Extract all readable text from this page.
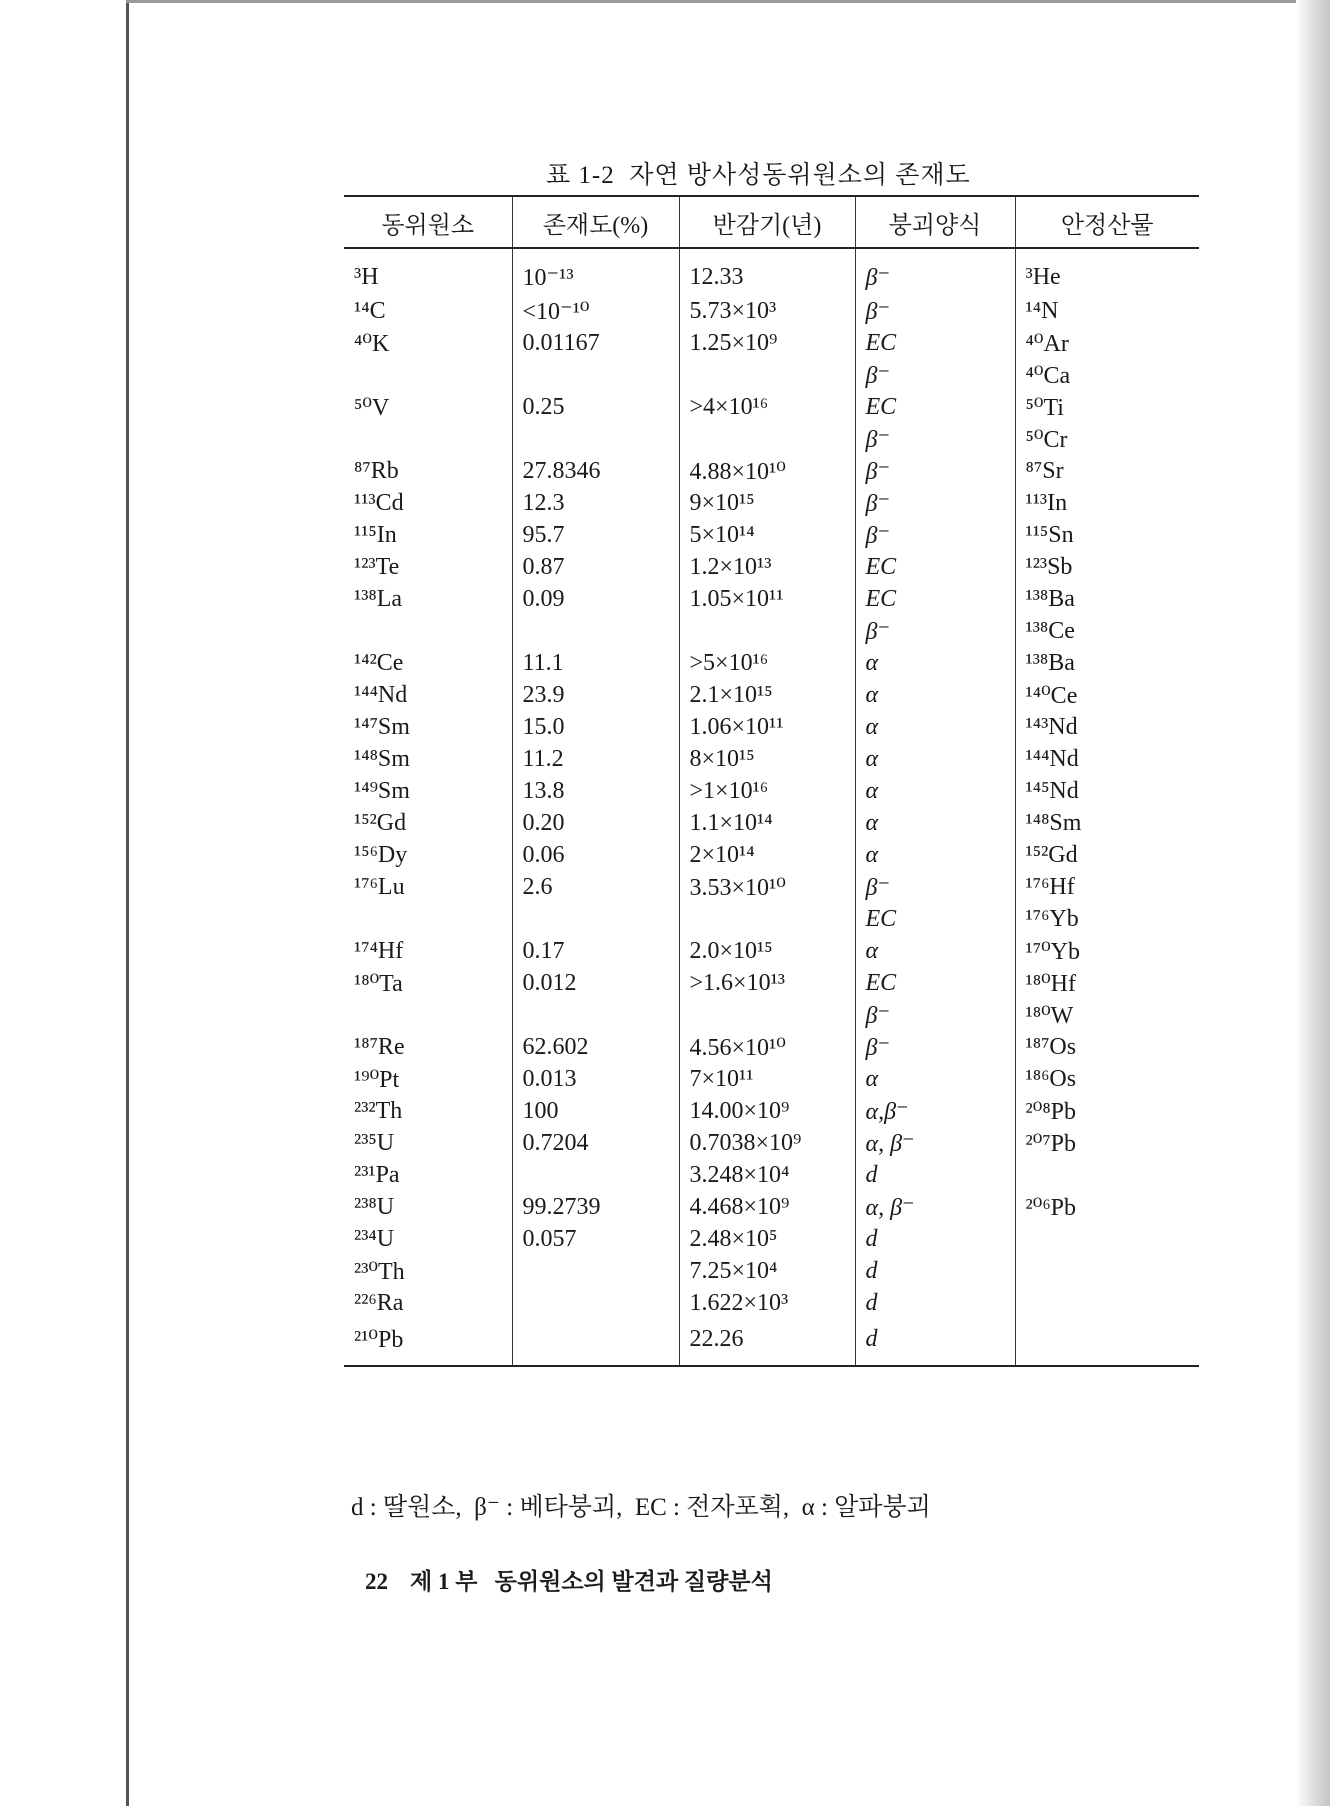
표 1-2  자연 방사성동위원소의 존재도
동위원소	존재도(%)	반감기(년)	붕괴양식	안정산물
³H	10⁻¹³	12.33	β⁻	³He
¹⁴C	<10⁻¹⁰	5.73×10³	β⁻	¹⁴N
⁴⁰K	0.01167	1.25×10⁹	EC	⁴⁰Ar
			β⁻	⁴⁰Ca
⁵⁰V	0.25	>4×10¹⁶	EC	⁵⁰Ti
			β⁻	⁵⁰Cr
⁸⁷Rb	27.8346	4.88×10¹⁰	β⁻	⁸⁷Sr
¹¹³Cd	12.3	9×10¹⁵	β⁻	¹¹³In
¹¹⁵In	95.7	5×10¹⁴	β⁻	¹¹⁵Sn
¹²³Te	0.87	1.2×10¹³	EC	¹²³Sb
¹³⁸La	0.09	1.05×10¹¹	EC	¹³⁸Ba
			β⁻	¹³⁸Ce
¹⁴²Ce	11.1	>5×10¹⁶	α	¹³⁸Ba
¹⁴⁴Nd	23.9	2.1×10¹⁵	α	¹⁴⁰Ce
¹⁴⁷Sm	15.0	1.06×10¹¹	α	¹⁴³Nd
¹⁴⁸Sm	11.2	8×10¹⁵	α	¹⁴⁴Nd
¹⁴⁹Sm	13.8	>1×10¹⁶	α	¹⁴⁵Nd
¹⁵²Gd	0.20	1.1×10¹⁴	α	¹⁴⁸Sm
¹⁵⁶Dy	0.06	2×10¹⁴	α	¹⁵²Gd
¹⁷⁶Lu	2.6	3.53×10¹⁰	β⁻	¹⁷⁶Hf
			EC	¹⁷⁶Yb
¹⁷⁴Hf	0.17	2.0×10¹⁵	α	¹⁷⁰Yb
¹⁸⁰Ta	0.012	>1.6×10¹³	EC	¹⁸⁰Hf
			β⁻	¹⁸⁰W
¹⁸⁷Re	62.602	4.56×10¹⁰	β⁻	¹⁸⁷Os
¹⁹⁰Pt	0.013	7×10¹¹	α	¹⁸⁶Os
²³²Th	100	14.00×10⁹	α,β⁻	²⁰⁸Pb
²³⁵U	0.7204	0.7038×10⁹	α, β⁻	²⁰⁷Pb
²³¹Pa		3.248×10⁴	d	
²³⁸U	99.2739	4.468×10⁹	α, β⁻	²⁰⁶Pb
²³⁴U	0.057	2.48×10⁵	d	
²³⁰Th		7.25×10⁴	d	
²²⁶Ra		1.622×10³	d	
²¹⁰Pb		22.26	d	
d : 딸원소,  β⁻ : 베타붕괴,  EC : 전자포획,  α : 알파붕괴
22 제 1 부   동위원소의 발견과 질량분석
